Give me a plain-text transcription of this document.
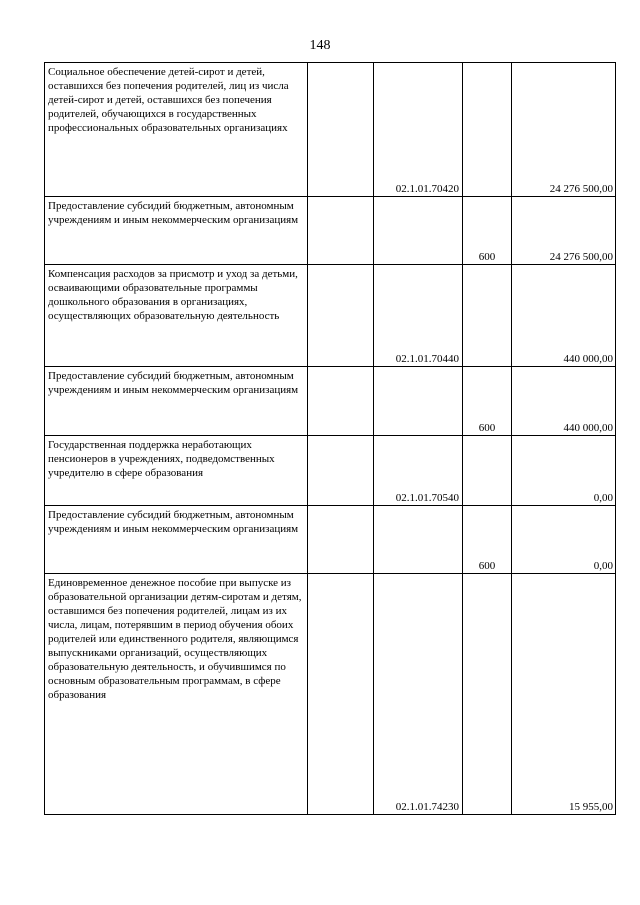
148
Социальное обеспечение детей-сирот и детей, оставшихся без попечения родителей, лиц из числа детей-сирот и детей, оставшихся без попечения родителей, обучающихся в государственных профессиональных образовательных организациях		02.1.01.70420		24 276 500,00
Предоставление субсидий бюджетным, автономным учреждениям и иным некоммерческим организациям			600	24 276 500,00
Компенсация расходов за присмотр и уход за детьми, осваивающими образовательные программы дошкольного образования в организациях, осуществляющих образовательную деятельность		02.1.01.70440		440 000,00
Предоставление субсидий бюджетным, автономным учреждениям и иным некоммерческим организациям			600	440 000,00
Государственная поддержка неработающих пенсионеров в учреждениях, подведомственных учредителю в сфере образования		02.1.01.70540		0,00
Предоставление субсидий бюджетным, автономным учреждениям и иным некоммерческим организациям			600	0,00
Единовременное денежное пособие при выпуске из образовательной организации детям-сиротам и детям, оставшимся без попечения родителей, лицам из их числа, лицам, потерявшим в период обучения обоих родителей или единственного родителя, являющимся выпускниками организаций, осуществляющих образовательную деятельность, и обучившимся по основным образовательным программам, в сфере образования		02.1.01.74230		15 955,00
